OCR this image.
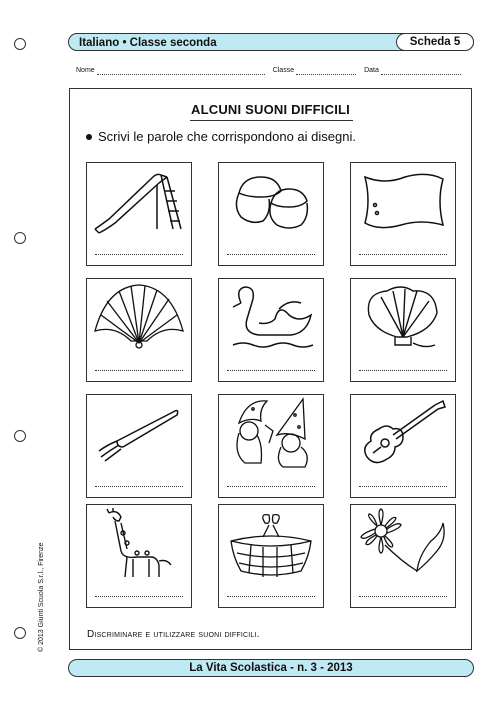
Italiano • Classe seconda	Scheda 5
Nome	Classe	Data
ALCUNI SUONI DIFFICILI
Scrivi le parole che corrispondono ai disegni.
Discriminare e utilizzare suoni difficili.
© 2013 Giunti Scuola S.r.l., Firenze
La Vita Scolastica - n. 3 - 2013
